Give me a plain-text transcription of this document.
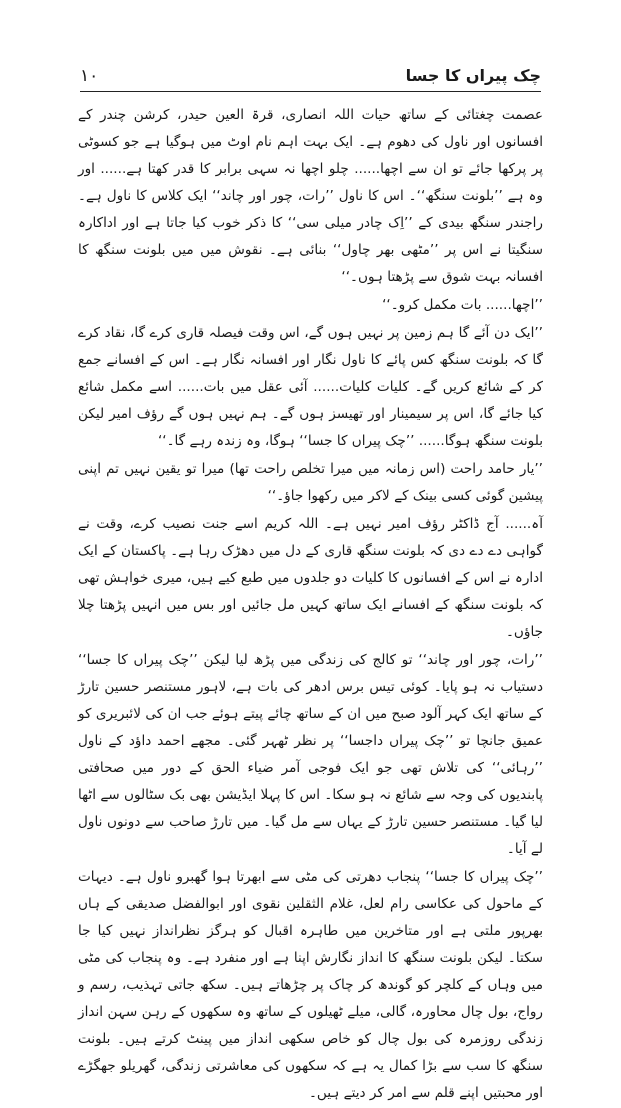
چک پیراں کا جسا
۱۰

عصمت چغتائی کے ساتھ حیات اللہ انصاری، قرۃ العین حیدر، کرشن چندر کے افسانوں اور ناول کی دھوم ہے۔ ایک بہت اہم نام اوٹ میں ہوگیا ہے جو کسوٹی پر پرکھا جائے تو ان سے اچھا...... چلو اچھا نہ سہی برابر کا قدر کھتا ہے...... اور وہ ہے ’’بلونت سنگھ‘‘۔ اس کا ناول ’’رات، چور اور چاند‘‘ ایک کلاس کا ناول ہے۔ راجندر سنگھ بیدی کے ’’اِک چادر میلی سی‘‘ کا ذکر خوب کیا جاتا ہے اور اداکارہ سنگیتا نے اس پر ’’مٹھی بھر چاول‘‘ بنائی ہے۔ نقوش میں میں بلونت سنگھ کا افسانہ بہت شوق سے پڑھتا ہوں۔‘‘

’’اچھا...... بات مکمل کرو۔‘‘

’’ایک دن آئے گا ہم زمین پر نہیں ہوں گے، اس وقت فیصلہ قاری کرے گا، نقاد کرے گا کہ بلونت سنگھ کس پائے کا ناول نگار اور افسانہ نگار ہے۔ اس کے افسانے جمع کر کے شائع کریں گے۔ کلیات کلیات...... آئی عقل میں بات...... اسے مکمل شائع کیا جائے گا، اس پر سیمینار اور تھیسز ہوں گے۔ ہم نہیں ہوں گے رؤف امیر لیکن بلونت سنگھ ہوگا...... ’’چک پیراں کا جسا‘‘ ہوگا، وہ زندہ رہے گا۔‘‘

’’یار حامد راحت (اس زمانہ میں میرا تخلص راحت تھا) میرا تو یقین نہیں تم اپنی پیشین گوئی کسی بینک کے لاکر میں رکھوا جاؤ۔‘‘

آہ...... آج ڈاکٹر رؤف امیر نہیں ہے۔ اللہ کریم اسے جنت نصیب کرے، وقت نے گواہی دے دے دی کہ بلونت سنگھ قاری کے دل میں دھڑک رہا ہے۔ پاکستان کے ایک ادارہ نے اس کے افسانوں کا کلیات دو جلدوں میں طبع کیے ہیں، میری خواہش تھی کہ بلونت سنگھ کے افسانے ایک ساتھ کہیں مل جائیں اور بس میں انہیں پڑھتا چلا جاؤں۔

’’رات، چور اور چاند‘‘ تو کالج کی زندگی میں پڑھ لیا لیکن ’’چک پیراں کا جسا‘‘ دستیاب نہ ہو پایا۔ کوئی تیس برس ادھر کی بات ہے، لاہور مستنصر حسین تارڑ کے ساتھ ایک کہر آلود صبح میں ان کے ساتھ چائے پیتے ہوئے جب ان کی لائبریری کو عمیق جانچا تو ’’چک پیراں داجسا‘‘ پر نظر ٹھہر گئی۔ مجھے احمد داؤد کے ناول ’’رہائی‘‘ کی تلاش تھی جو ایک فوجی آمر ضیاء الحق کے دور میں صحافتی پابندیوں کی وجہ سے شائع نہ ہو سکا۔ اس کا پہلا ایڈیشن بھی بک سٹالوں سے اٹھا لیا گیا۔ مستنصر حسین تارڑ کے یہاں سے مل گیا۔ میں تارڑ صاحب سے دونوں ناول لے آیا۔

’’چک پیراں کا جسا‘‘ پنجاب دھرتی کی مٹی سے ابھرتا ہوا گھبرو ناول ہے۔ دیہات کے ماحول کی عکاسی رام لعل، غلام الثقلین نقوی اور ابوالفضل صدیقی کے ہاں بھرپور ملتی ہے اور متاخرین میں طاہرہ اقبال کو ہرگز نظرانداز نہیں کیا جا سکتا۔ لیکن بلونت سنگھ کا انداز نگارش اپنا ہے اور منفرد ہے۔ وہ پنجاب کی مٹی میں وہاں کے کلچر کو گوندھ کر چاک پر چڑھاتے ہیں۔ سکھ جاتی تہذیب، رسم و رواج، بول چال محاورہ، گالی، میلے ٹھیلوں کے ساتھ وہ سکھوں کے رہن سہن انداز زندگی روزمرہ کی بول چال کو خاص سکھی انداز میں پینٹ کرتے ہیں۔ بلونت سنگھ کا سب سے بڑا کمال یہ ہے کہ سکھوں کی معاشرتی زندگی، گھریلو جھگڑے اور محبتیں اپنے قلم سے امر کر دیتے ہیں۔
